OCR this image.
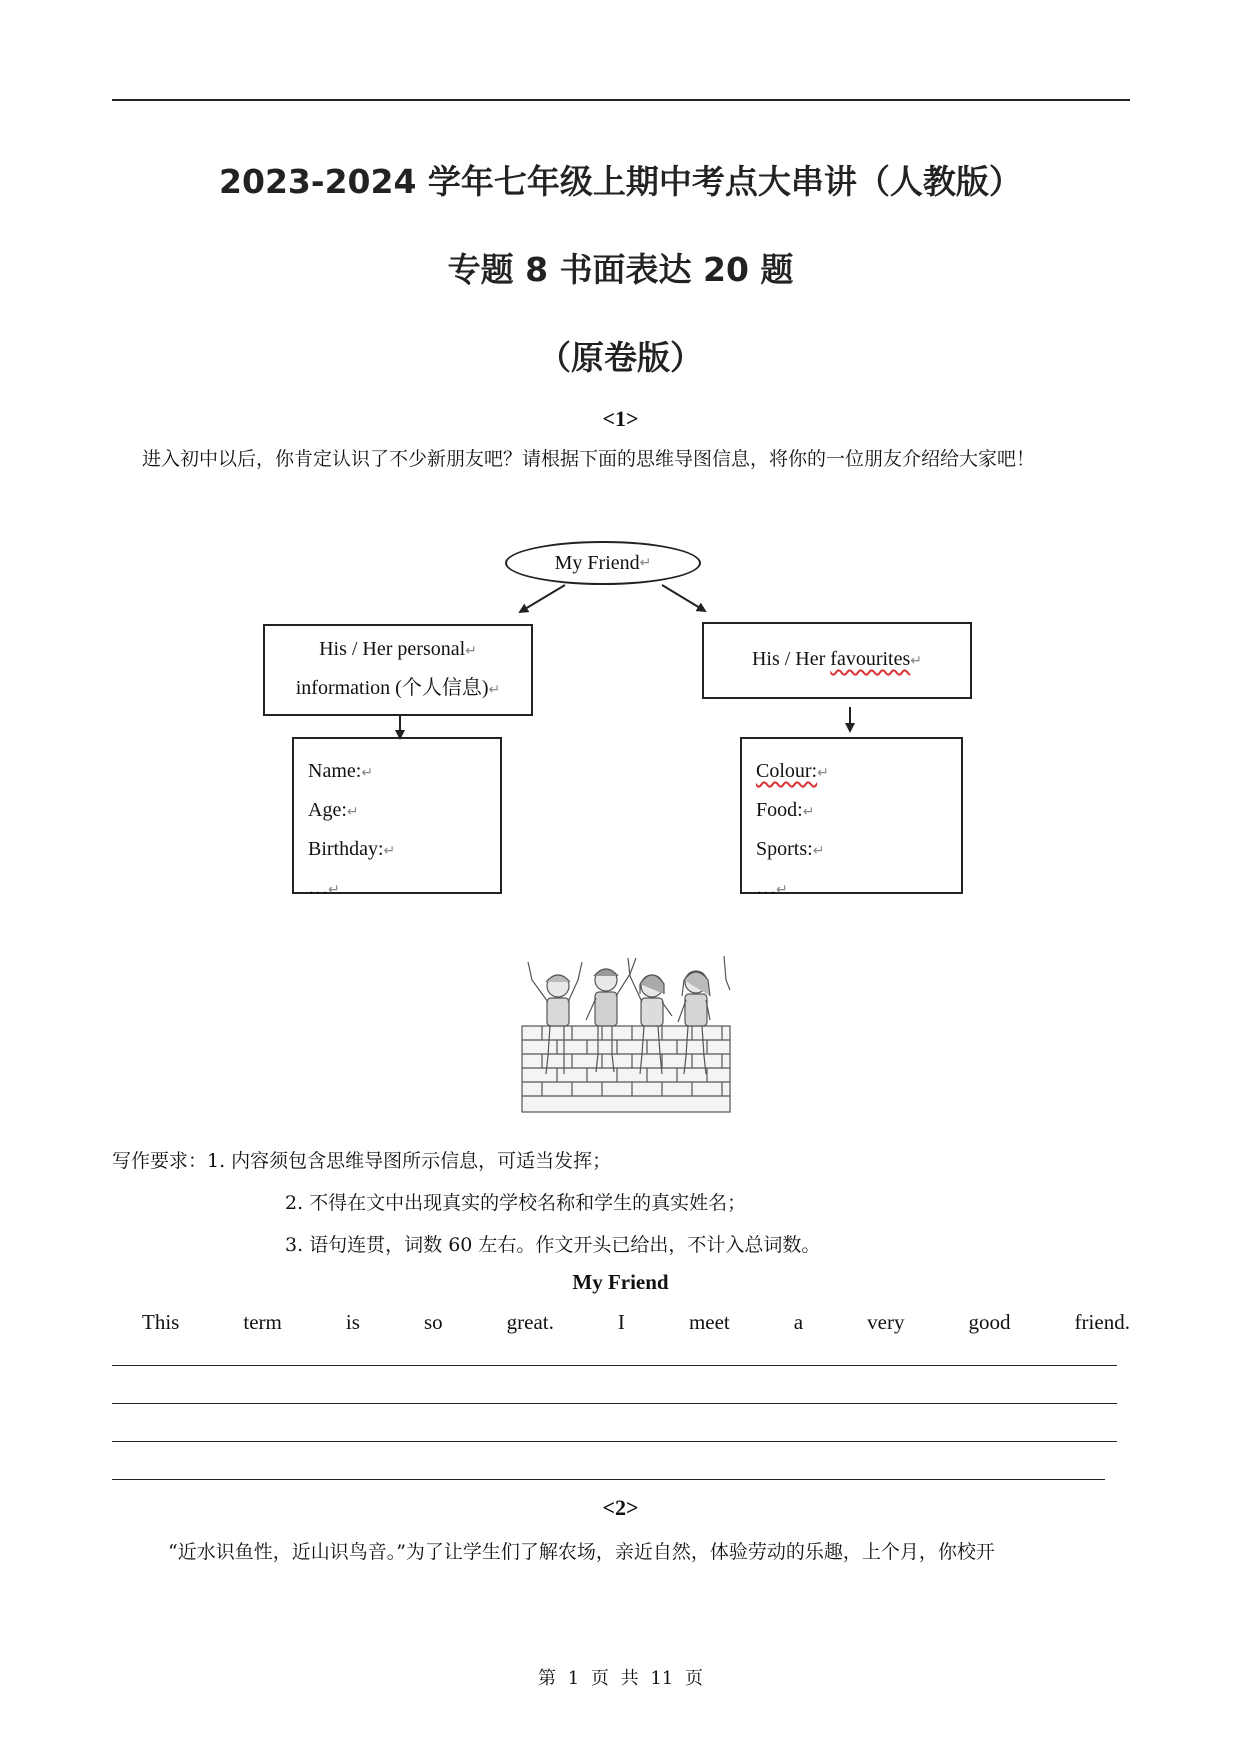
2023-2024 学年七年级上期中考点大串讲（人教版）
专题 8 书面表达 20 题
（原卷版）
<1>
进入初中以后，你肯定认识了不少新朋友吧？请根据下面的思维导图信息，将你的一位朋友介绍给大家吧！
My Friend ↵
His / Her personal↵
information (个人信息)↵
His / Her favourites↵
Name:↵
Age:↵
Birthday:↵
…↵
Colour:↵
Food:↵
Sports:↵
…↵
写作要求：1. 内容须包含思维导图所示信息，可适当发挥；
2. 不得在文中出现真实的学校名称和学生的真实姓名；
3. 语句连贯，词数 60 左右。作文开头已给出，不计入总词数。
My Friend
This	term	is	so	great.	I	meet	a	very	good	friend.
<2>
“近水识鱼性，近山识鸟音。”为了让学生们了解农场，亲近自然，体验劳动的乐趣，上个月，你校开
第 1 页 共 11 页
